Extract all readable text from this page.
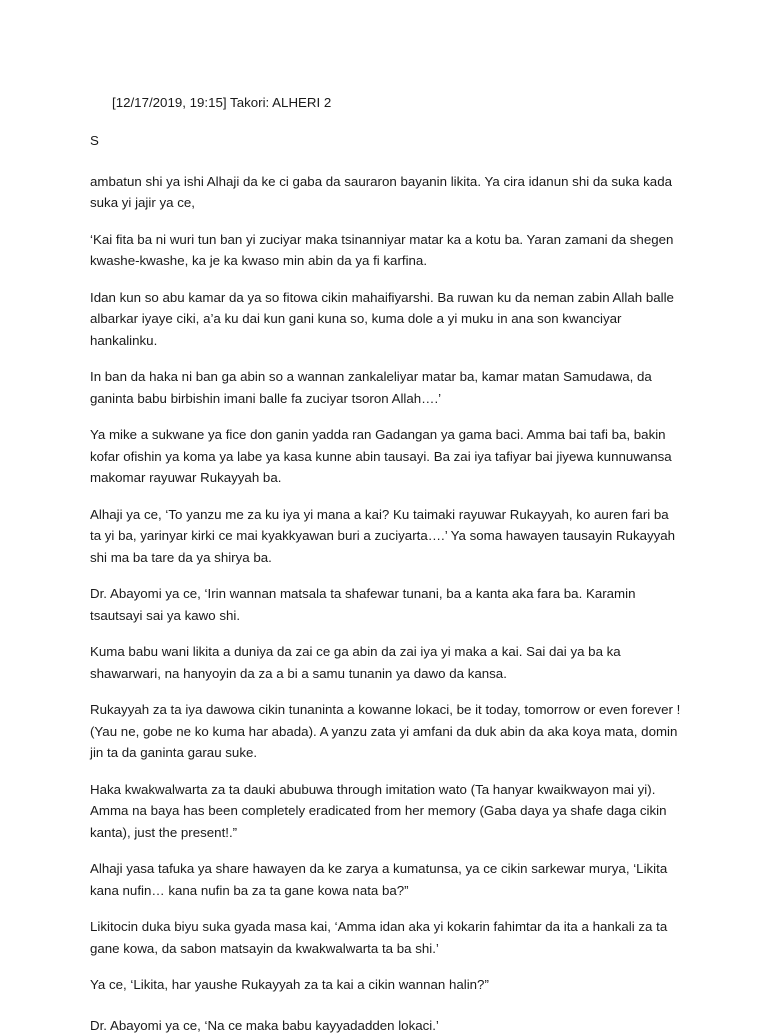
[12/17/2019, 19:15] Takori: ALHERI 2

S

ambatun shi ya ishi Alhaji da ke ci gaba da sauraron bayanin likita. Ya cira idanun shi da suka kada suka yi jajir ya ce,

‘Kai fita ba ni wuri tun ban yi zuciyar maka tsinanniyar matar ka a kotu ba. Yaran zamani da shegen kwashe-kwashe, ka je ka kwaso min abin da ya fi karfina.

Idan kun so abu kamar da ya so fitowa cikin mahaifiyarshi. Ba ruwan ku da neman zabin Allah balle albarkar iyaye ciki, a’a ku dai kun gani kuna so, kuma dole a yi muku in ana son kwanciyar hankalinku.

In ban da haka ni ban ga abin so a wannan zankaleliyar matar ba, kamar matan Samudawa, da ganinta babu birbishin imani balle fa zuciyar tsoron Allah….’

Ya mike a sukwane ya fice don ganin yadda ran Gadangan ya gama baci. Amma bai tafi ba, bakin kofar ofishin ya koma ya labe ya kasa kunne abin tausayi. Ba zai iya tafiyar bai jiyewa kunnuwansa makomar rayuwar Rukayyah ba.

Alhaji ya ce, ‘To yanzu me za ku iya yi mana a kai? Ku taimaki rayuwar Rukayyah, ko auren fari ba ta yi ba, yarinyar kirki ce mai kyakkyawan buri a zuciyarta….’ Ya soma hawayen tausayin Rukayyah shi ma ba tare da ya shirya ba.

Dr. Abayomi ya ce, ‘Irin wannan matsala ta shafewar tunani, ba a kanta aka fara ba. Karamin tsautsayi sai ya kawo shi.

Kuma babu wani likita a duniya da zai ce ga abin da zai iya yi maka a kai. Sai dai ya ba ka shawarwari, na hanyoyin da za a bi a samu tunanin ya dawo da kansa.

Rukayyah za ta iya dawowa cikin tunaninta a kowanne lokaci, be it today, tomorrow or even forever ! (Yau ne, gobe ne ko kuma har abada). A yanzu zata yi amfani da duk abin da aka koya mata, domin jin ta da ganinta garau suke.

Haka kwakwalwarta za ta dauki abubuwa through imitation wato (Ta hanyar kwaikwayon mai yi). Amma na baya has been completely eradicated from her memory (Gaba daya ya shafe daga cikin kanta), just the present!.”

Alhaji yasa tafuka ya share hawayen da ke zarya a kumatunsa, ya ce cikin sarkewar murya, ‘Likita kana nufin… kana nufin ba za ta gane kowa nata ba?”

Likitocin duka biyu suka gyada masa kai, ‘Amma idan aka yi kokarin fahimtar da ita a hankali za ta gane kowa, da sabon matsayin da kwakwalwarta ta ba shi.’

Ya ce, ‘Likita, har yaushe Rukayyah za ta kai a cikin wannan halin?”

Dr. Abayomi ya ce, ‘Na ce maka babu kayyadadden lokaci.’
